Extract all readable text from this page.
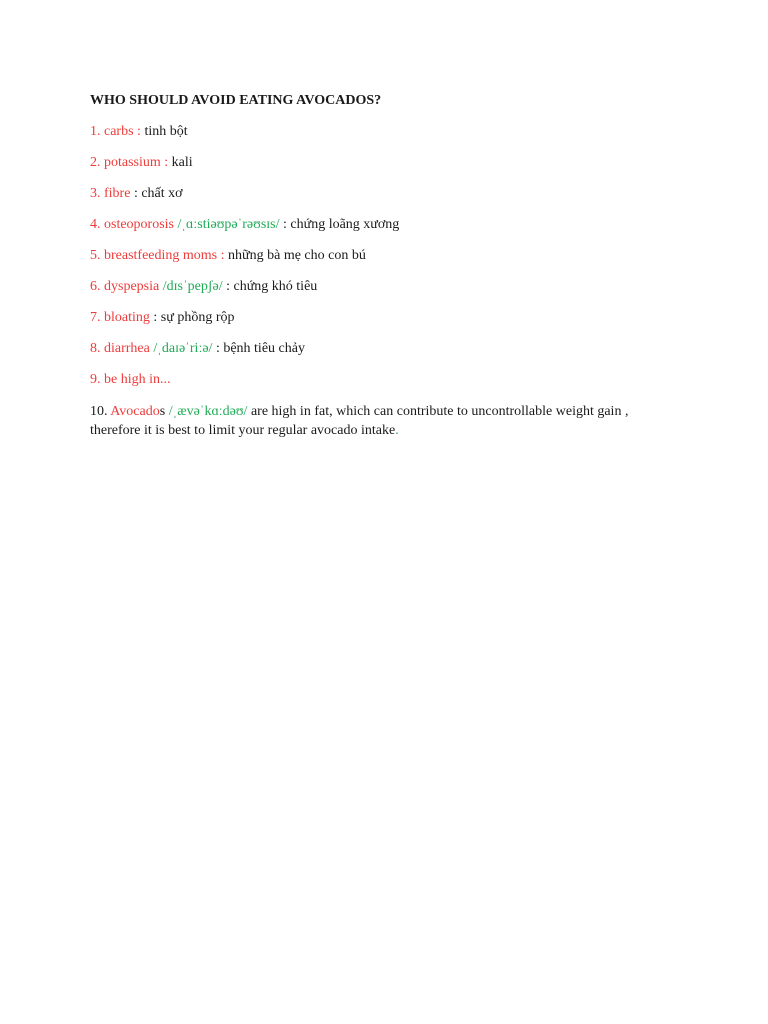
WHO SHOULD AVOID EATING AVOCADOS?
1. carbs : tinh bột
2. potassium : kali
3. fibre : chất xơ
4. osteoporosis /ˌɑːstiəʊpəˈrəʊsɪs/ : chứng loãng xương
5. breastfeeding moms : những bà mẹ cho con bú
6. dyspepsia /dɪsˈpepʃə/ : chứng khó tiêu
7. bloating : sự phồng rộp
8. diarrhea /ˌdaɪəˈriːə/ : bệnh tiêu chảy
9. be high in...
10. Avocados /ˌævəˈkɑːdəʊ/ are high in fat, which can contribute to uncontrollable weight gain , therefore it is best to limit your regular avocado intake.
